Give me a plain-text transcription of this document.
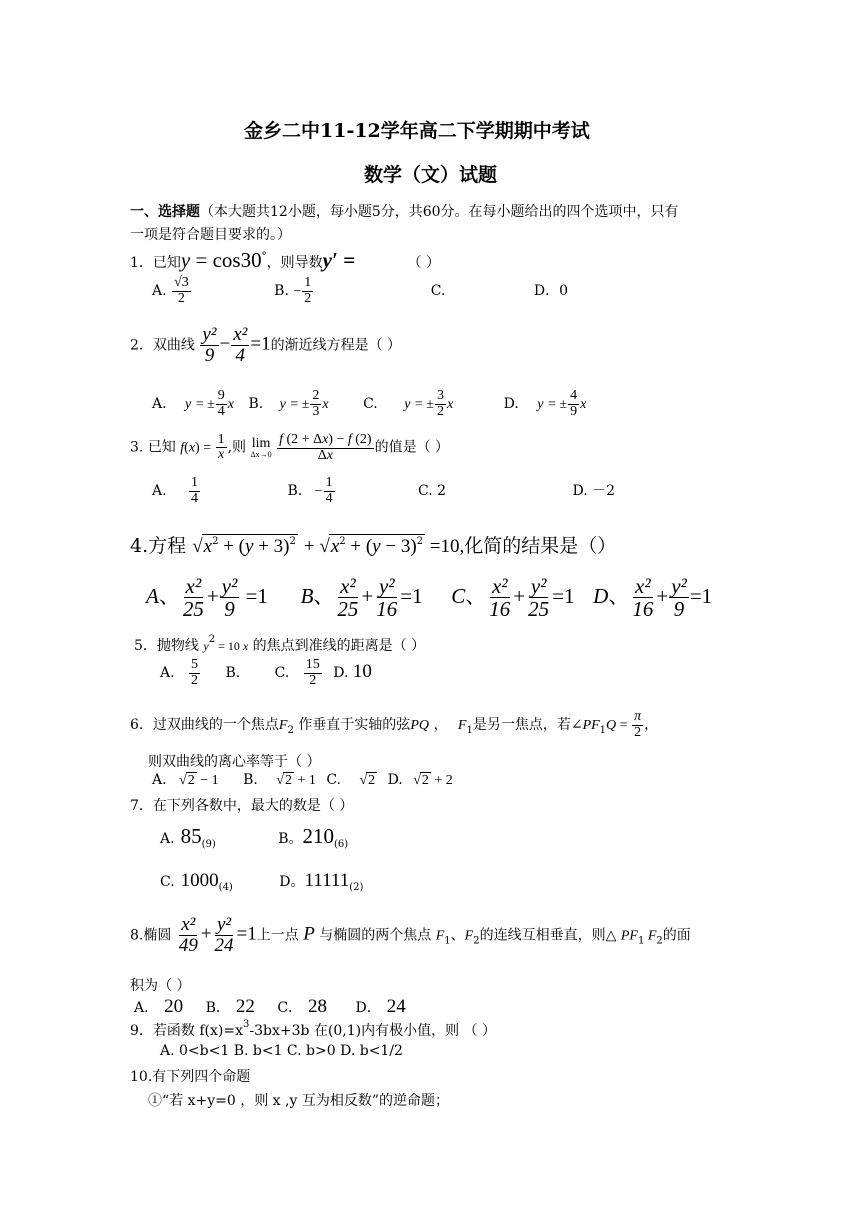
金乡二中11-12学年高二下学期期中考试
数学（文）试题
一、选择题（本大题共12小题，每小题5分，共60分。在每小题给出的四个选项中，只有
一项是符合题目要求的。）
1．已知y = cos30°，则导数y′ =	（ ）
A. $\frac{√3}{2}$	B. − $\frac{1}{2}$	C.	D．0
2．双曲线 $\frac{\text{y²}}{9} - \frac{\text{x²}}{4} =1$的渐近线方程是（ ）
A. y = ± $\frac{9}{4}$ x B. y = ± $\frac{2}{3}$ x C. y = ± $\frac{3}{2}$ x	D. y = ± $\frac{4}{9}$ x
3. 已知 $f(x) = \frac{1}{x}$ ,则 lim
Δx→0
$\frac{f (2 + \Delta x) - f (2)}{\Delta x}$ 的值是（ ）
A. $\frac{1}{4}$	B. − $\frac{1}{4}$	C. 2	D. －2
4.方程 $√x^2 + (y + 3)^2 + √x^2 + (y - 3)^2 =10$,化简的结果是（）
A、 $\frac{\text{x²}}{25} + \frac{\text{y²}}{9} =1$ B、 $\frac{\text{x²}}{25} + \frac{\text{y²}}{16} =1$ C、 $\frac{\text{x²}}{16} + \frac{\text{y²}}{25} =1$ D、 $\frac{\text{x²}}{16} + \frac{\text{y²}}{9} =1$
5．抛物线 $y^2 = 10$ x 的焦点到准线的距离是（ ）
A. $\frac{5}{2} B$. C. $\frac{15}{2} D$. 10
6．过双曲线的一个焦点$F_2$ 作垂直于实轴的弦PQ ， $F_1$是另一焦点，若$\angle PF_1Q = \frac{\pi}{2}$ ，
则双曲线的离心率等于（ ）
A. √2 − 1 B. √2 + 1 C. √2 D. √2 + 2
7．在下列各数中，最大的数是（ ）
A. $85_{(9)}$	B。$210_{(6)}$
C. $1000_{(4)}$	D。$11111_{(2)}$
8.椭圆 $\frac{\text{x²}}{49} + \frac{\text{y²}}{24} =1$上一点 P 与椭圆的两个焦点 $F_1$、$F_2$的连线互相垂直，则△ $PF_1$ $F_2$的面
积为（ ）
A． 20 B． 22 C． 28 D． 24
9．若函数 $f(x)=x^3-3bx+3b$ 在(0,1)内有极小值，则 （ ）
A. 0<b<1 B. b<1 C. b>0 D. b<1/2
10.有下列四个命题
①“若 x+y=0 ，则 x ,y 互为相反数”的逆命题；
